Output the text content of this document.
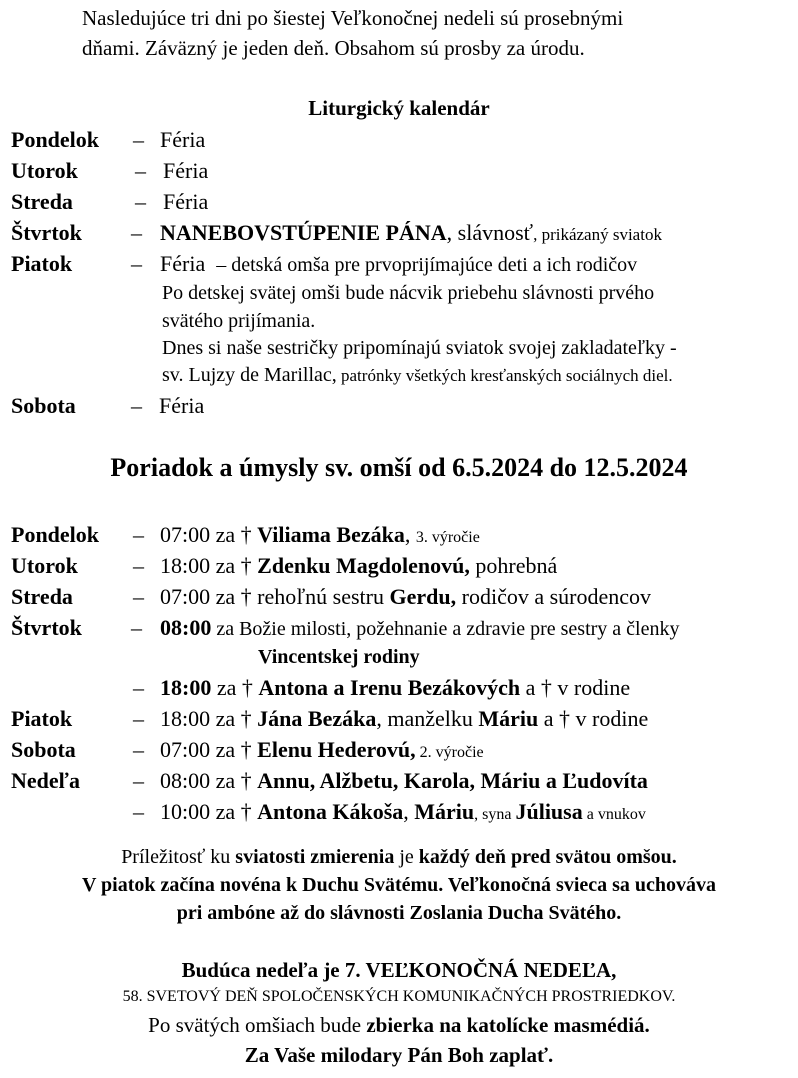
Nasledujúce tri dni po šiestej Veľkonočnej nedeli sú prosebnými
dňami. Záväzný je jeden deň. Obsahom sú prosby za úrodu.
Liturgický kalendár
Pondelok – Féria
Utorok	– Féria
Streda	– Féria
Štvrtok – NANEBOVSTÚPENIE PÁNA, slávnosť, prikázaný sviatok
Piatok	– Féria – detská omša pre prvoprijímajúce deti a ich rodičov
Po detskej svätej omši bude nácvik priebehu slávnosti prvého
svätého prijímania.
Dnes si naše sestričky pripomínajú sviatok svojej zakladateľky -
sv. Lujzy de Marillac, patrónky všetkých kresťanských sociálnych diel.
Sobota	– Féria
Poriadok a úmysly sv. omší od 6.5.2024 do 12.5.2024
Pondelok – 07:00 za † Viliama Bezáka, 3. výročie
Utorok	– 18:00 za † Zdenku Magdolenovú, pohrebná
Streda	– 07:00 za † rehoľnú sestru Gerdu, rodičov a súrodencov
Štvrtok – 08:00 za Božie milosti, požehnanie a zdravie pre sestry a členky
Vincentskej rodiny
– 18:00 za † Antona a Irenu Bezákových a † v rodine
Piatok	– 18:00 za † Jána Bezáka, manželku Máriu a † v rodine
Sobota	– 07:00 za † Elenu Hederovú, 2. výročie
Nedeľa – 08:00 za † Annu, Alžbetu, Karola, Máriu a Ľudovíta
– 10:00 za † Antona Kákoša, Máriu, syna Júliusa a vnukov
Príležitosť ku sviatosti zmierenia je každý deň pred svätou omšou.
V piatok začína novéna k Duchu Svätému. Veľkonočná svieca sa uchováva
pri ambóne až do slávnosti Zoslania Ducha Svätého.
Budúca nedeľa je 7. VEĽKONOČNÁ NEDEĽA,
58. SVETOVÝ DEŇ SPOLOČENSKÝCH KOMUNIKAČNÝCH PROSTRIEDKOV.
Po svätých omšiach bude zbierka na katolícke masmédiá.
Za Vaše milodary Pán Boh zaplať.
